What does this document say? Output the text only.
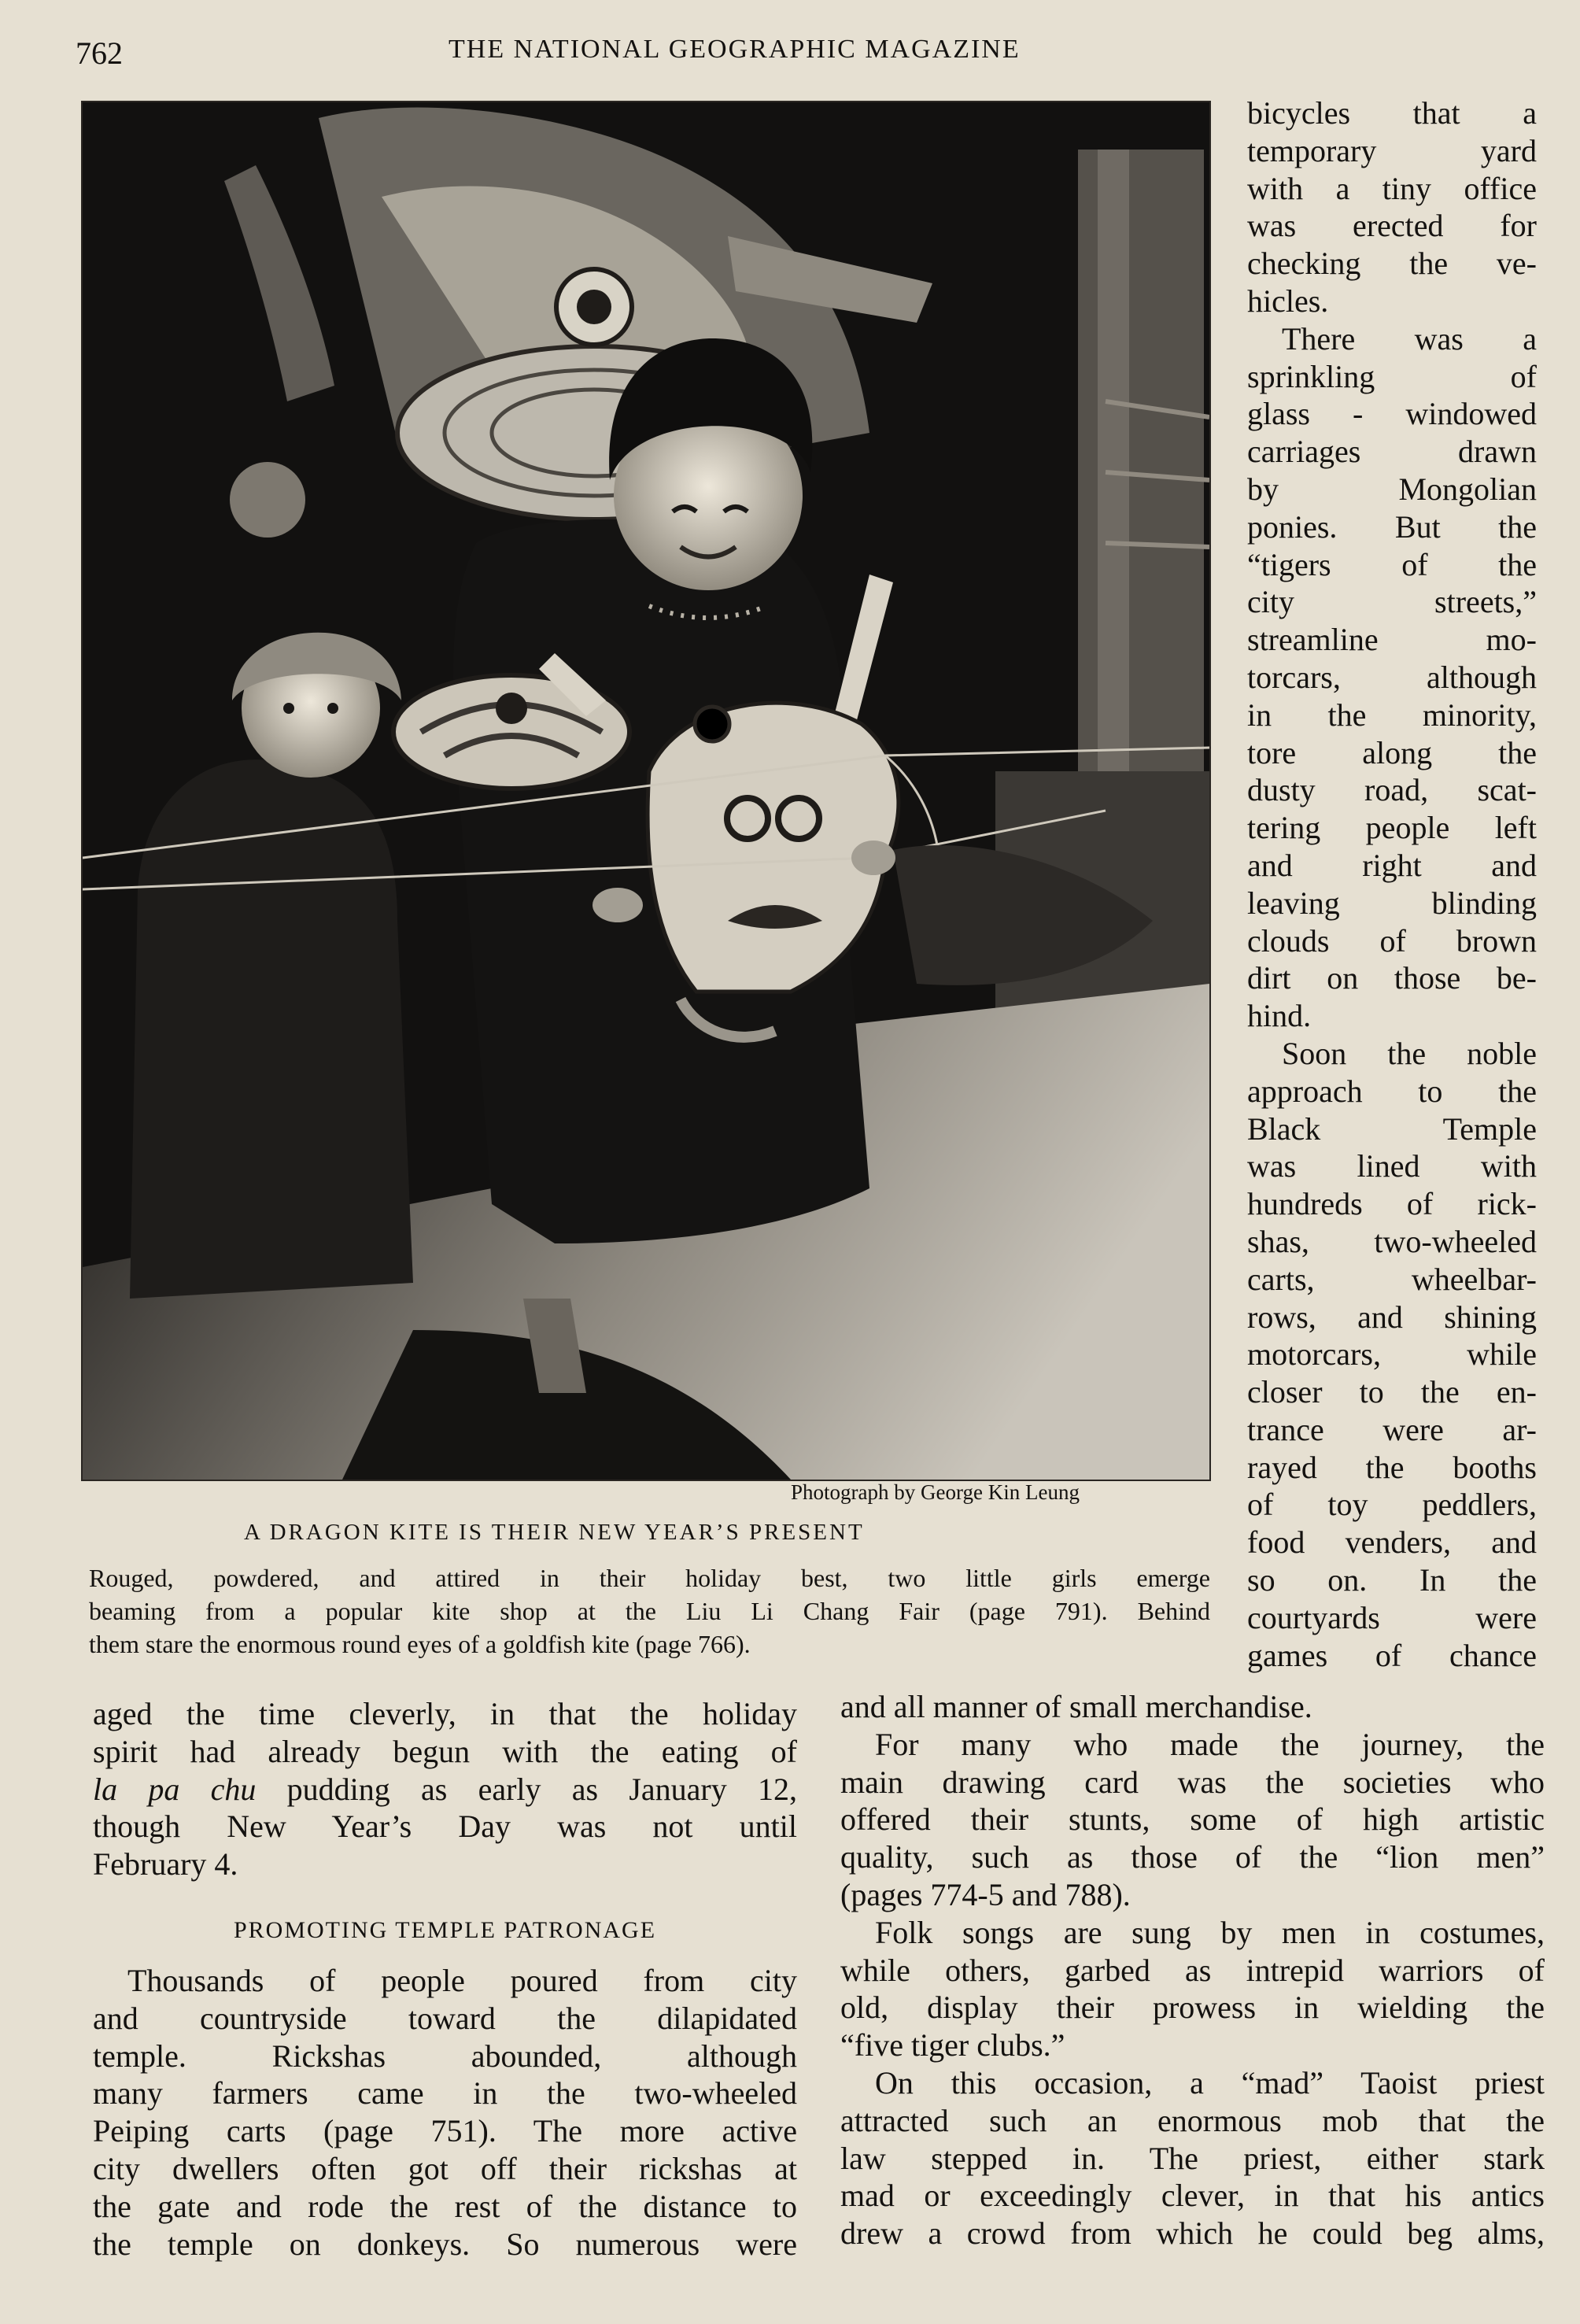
762	THE NATIONAL GEOGRAPHIC MAGAZINE
Photograph by George Kin Leung
A DRAGON KITE IS THEIR NEW YEAR’S PRESENT

Rouged, powdered, and attired in their holiday best, two little girls emerge
beaming from a popular kite shop at the Liu Li Chang Fair (page 791). Behind
them stare the enormous round eyes of a goldfish kite (page 766).

bicycles that a
temporary yard
with a tiny office
was erected for
checking the ve-
hicles.
There was a
sprinkling of
glass - windowed
carriages drawn
by Mongolian
ponies. But the
“tigers of the
city streets,”
streamline mo-
torcars, although
in the minority,
tore along the
dusty road, scat-
tering people left
and right and
leaving blinding
clouds of brown
dirt on those be-
hind.
Soon the noble
approach to the
Black Temple
was lined with
hundreds of rick-
shas, two-wheeled
carts, wheelbar-
rows, and shining
motorcars, while
closer to the en-
trance were ar-
rayed the booths
of toy peddlers,
food venders, and
so on. In the
courtyards were
games of chance

aged the time cleverly, in that the holiday
spirit had already begun with the eating of
la pa chu pudding as early as January 12,
though New Year’s Day was not until
February 4.

PROMOTING TEMPLE PATRONAGE

Thousands of people poured from city
and countryside toward the dilapidated
temple. Rickshas abounded, although
many farmers came in the two-wheeled
Peiping carts (page 751). The more active
city dwellers often got off their rickshas at
the gate and rode the rest of the distance to
the temple on donkeys. So numerous were

and all manner of small merchandise.
For many who made the journey, the
main drawing card was the societies who
offered their stunts, some of high artistic
quality, such as those of the “lion men”
(pages 774-5 and 788).
Folk songs are sung by men in costumes,
while others, garbed as intrepid warriors of
old, display their prowess in wielding the
“five tiger clubs.”
On this occasion, a “mad” Taoist priest
attracted such an enormous mob that the
law stepped in. The priest, either stark
mad or exceedingly clever, in that his antics
drew a crowd from which he could beg alms,
